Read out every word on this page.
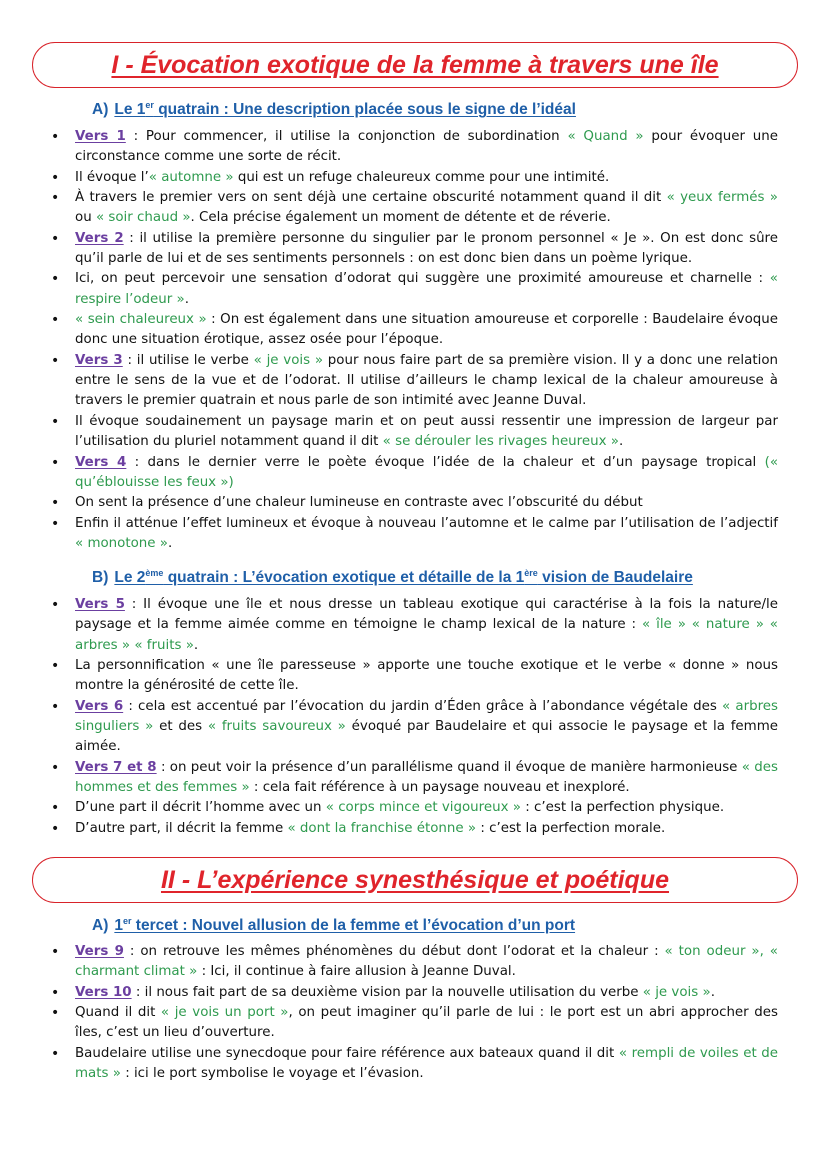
I - Évocation exotique de la femme à travers une île
A) Le 1er quatrain : Une description placée sous le signe de l’idéal
• Vers 1 : Pour commencer, il utilise la conjonction de subordination « Quand » pour évoquer une circonstance comme une sorte de récit.
• Il évoque l’« automne » qui est un refuge chaleureux comme pour une intimité.
• À travers le premier vers on sent déjà une certaine obscurité notamment quand il dit « yeux fermés » ou « soir chaud ». Cela précise également un moment de détente et de réverie.
• Vers 2 : il utilise la première personne du singulier par le pronom personnel « Je ». On est donc sûre qu’il parle de lui et de ses sentiments personnels : on est donc bien dans un poème lyrique.
• Ici, on peut percevoir une sensation d’odorat qui suggère une proximité amoureuse et charnelle : « respire l’odeur ».
• « sein chaleureux » : On est également dans une situation amoureuse et corporelle : Baudelaire évoque donc une situation érotique, assez osée pour l’époque.
• Vers 3 : il utilise le verbe « je vois » pour nous faire part de sa première vision. Il y a donc une relation entre le sens de la vue et de l’odorat. Il utilise d’ailleurs le champ lexical de la chaleur amoureuse à travers le premier quatrain et nous parle de son intimité avec Jeanne Duval.
• Il évoque soudainement un paysage marin et on peut aussi ressentir une impression de largeur par l’utilisation du pluriel notamment quand il dit « se dérouler les rivages heureux ».
• Vers 4 : dans le dernier verre le poète évoque l’idée de la chaleur et d’un paysage tropical (« qu’éblouisse les feux »)
• On sent la présence d’une chaleur lumineuse en contraste avec l’obscurité du début
• Enfin il atténue l’effet lumineux et évoque à nouveau l’automne et le calme par l’utilisation de l’adjectif « monotone ».
B) Le 2ème quatrain : L’évocation exotique et détaille de la 1ère vision de Baudelaire
• Vers 5 : Il évoque une île et nous dresse un tableau exotique qui caractérise à la fois la nature/le paysage et la femme aimée comme en témoigne le champ lexical de la nature : « île » « nature » « arbres » « fruits ».
• La personnification « une île paresseuse » apporte une touche exotique et le verbe « donne » nous montre la générosité de cette île.
• Vers 6 : cela est accentué par l’évocation du jardin d’Éden grâce à l’abondance végétale des « arbres singuliers » et des « fruits savoureux » évoqué par Baudelaire et qui associe le paysage et la femme aimée.
• Vers 7 et 8 : on peut voir la présence d’un parallélisme quand il évoque de manière harmonieuse « des hommes et des femmes » : cela fait référence à un paysage nouveau et inexploré.
• D’une part il décrit l’homme avec un « corps mince et vigoureux » : c’est la perfection physique.
• D’autre part, il décrit la femme « dont la franchise étonne » : c’est la perfection morale.
II - L’expérience synesthésique et poétique
A) 1er tercet : Nouvel allusion de la femme et l’évocation d’un port
• Vers 9 : on retrouve les mêmes phénomènes du début dont l’odorat et la chaleur : « ton odeur », « charmant climat » : Ici, il continue à faire allusion à Jeanne Duval.
• Vers 10 : il nous fait part de sa deuxième vision par la nouvelle utilisation du verbe « je vois ».
• Quand il dit « je vois un port », on peut imaginer qu’il parle de lui : le port est un abri approcher des îles, c’est un lieu d’ouverture.
• Baudelaire utilise une synecdoque pour faire référence aux bateaux quand il dit « rempli de voiles et de mats » : ici le port symbolise le voyage et l’évasion.
